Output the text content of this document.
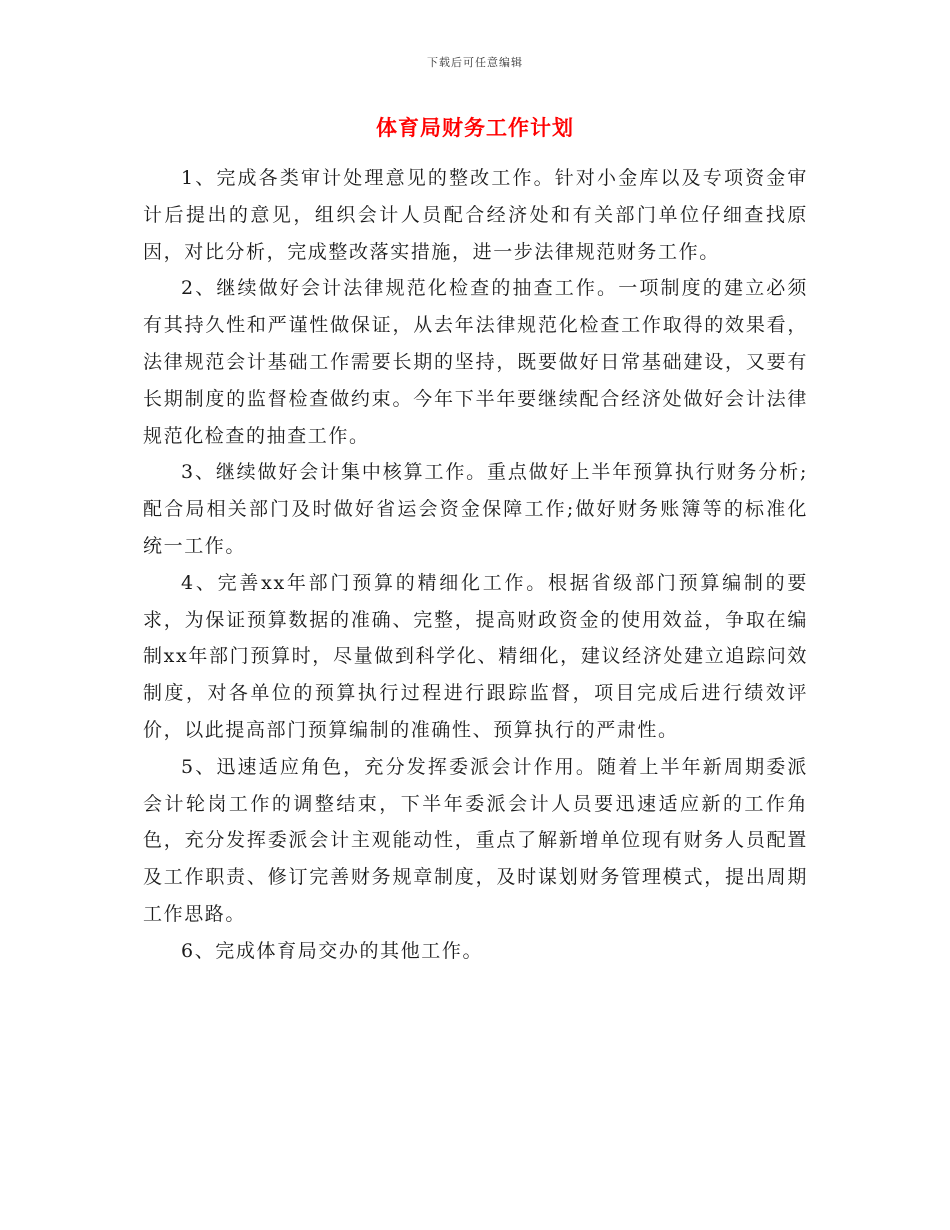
下载后可任意编辑
体育局财务工作计划

1、完成各类审计处理意见的整改工作。针对小金库以及专项资金审计后提出的意见，组织会计人员配合经济处和有关部门单位仔细查找原因，对比分析，完成整改落实措施，进一步法律规范财务工作。

2、继续做好会计法律规范化检查的抽查工作。一项制度的建立必须有其持久性和严谨性做保证，从去年法律规范化检查工作取得的效果看，法律规范会计基础工作需要长期的坚持，既要做好日常基础建设，又要有长期制度的监督检查做约束。今年下半年要继续配合经济处做好会计法律规范化检查的抽查工作。

3、继续做好会计集中核算工作。重点做好上半年预算执行财务分析;配合局相关部门及时做好省运会资金保障工作;做好财务账簿等的标准化统一工作。

4、完善xx年部门预算的精细化工作。根据省级部门预算编制的要求，为保证预算数据的准确、完整，提高财政资金的使用效益，争取在编制xx年部门预算时，尽量做到科学化、精细化，建议经济处建立追踪问效制度，对各单位的预算执行过程进行跟踪监督，项目完成后进行绩效评价，以此提高部门预算编制的准确性、预算执行的严肃性。

5、迅速适应角色，充分发挥委派会计作用。随着上半年新周期委派会计轮岗工作的调整结束，下半年委派会计人员要迅速适应新的工作角色，充分发挥委派会计主观能动性，重点了解新增单位现有财务人员配置及工作职责、修订完善财务规章制度，及时谋划财务管理模式，提出周期工作思路。

6、完成体育局交办的其他工作。
